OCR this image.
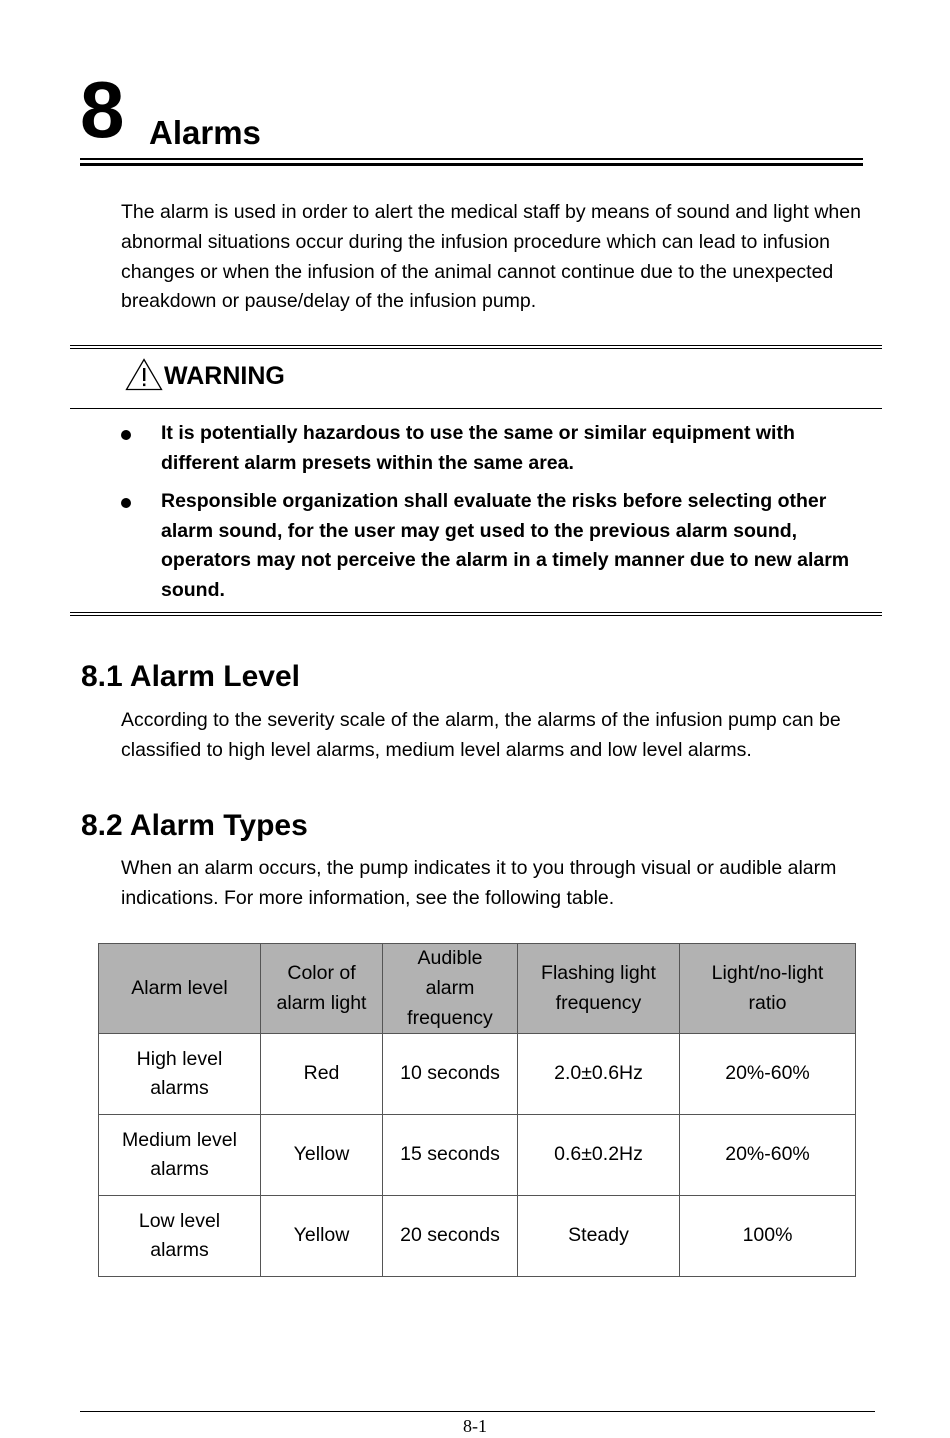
8 Alarms
The alarm is used in order to alert the medical staff by means of sound and light when abnormal situations occur during the infusion procedure which can lead to infusion changes or when the infusion of the animal cannot continue due to the unexpected breakdown or pause/delay of the infusion pump.
WARNING
It is potentially hazardous to use the same or similar equipment with different alarm presets within the same area.
Responsible organization shall evaluate the risks before selecting other alarm sound, for the user may get used to the previous alarm sound, operators may not perceive the alarm in a timely manner due to new alarm sound.
8.1 Alarm Level
According to the severity scale of the alarm, the alarms of the infusion pump can be classified to high level alarms, medium level alarms and low level alarms.
8.2 Alarm Types
When an alarm occurs, the pump indicates it to you through visual or audible alarm indications. For more information, see the following table.
Alarm level	Color of alarm light	Audible alarm frequency	Flashing light frequency	Light/no-light ratio
High level alarms	Red	10 seconds	2.0±0.6Hz	20%-60%
Medium level alarms	Yellow	15 seconds	0.6±0.2Hz	20%-60%
Low level alarms	Yellow	20 seconds	Steady	100%
8-1
